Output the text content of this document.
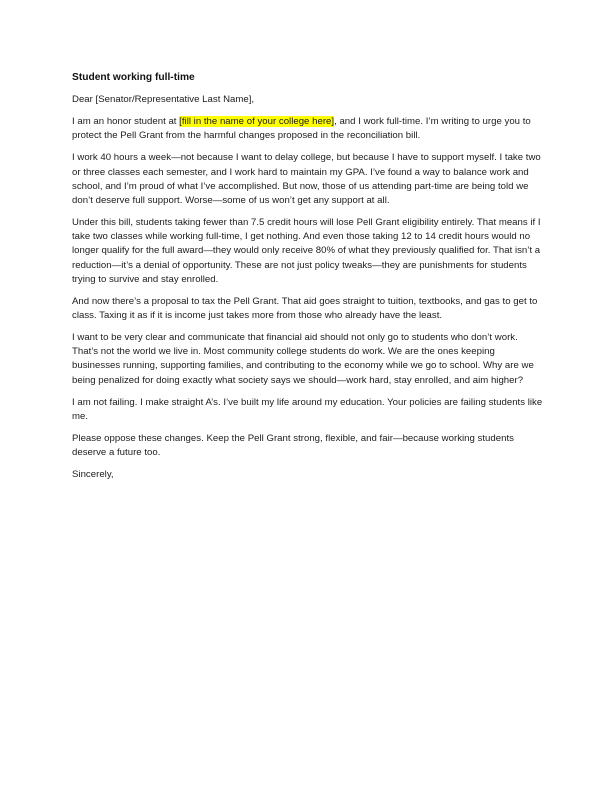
Student working full-time
Dear [Senator/Representative Last Name],
I am an honor student at [fill in the name of your college here], and I work full-time. I’m writing to urge you to protect the Pell Grant from the harmful changes proposed in the reconciliation bill.
I work 40 hours a week—not because I want to delay college, but because I have to support myself. I take two or three classes each semester, and I work hard to maintain my GPA. I’ve found a way to balance work and school, and I’m proud of what I’ve accomplished. But now, those of us attending part-time are being told we don’t deserve full support. Worse—some of us won’t get any support at all.
Under this bill, students taking fewer than 7.5 credit hours will lose Pell Grant eligibility entirely. That means if I take two classes while working full-time, I get nothing. And even those taking 12 to 14 credit hours would no longer qualify for the full award—they would only receive 80% of what they previously qualified for. That isn’t a reduction—it’s a denial of opportunity. These are not just policy tweaks—they are punishments for students trying to survive and stay enrolled.
And now there’s a proposal to tax the Pell Grant. That aid goes straight to tuition, textbooks, and gas to get to class. Taxing it as if it is income just takes more from those who already have the least.
I want to be very clear and communicate that financial aid should not only go to students who don’t work. That’s not the world we live in. Most community college students do work. We are the ones keeping businesses running, supporting families, and contributing to the economy while we go to school. Why are we being penalized for doing exactly what society says we should—work hard, stay enrolled, and aim higher?
I am not failing. I make straight A’s. I’ve built my life around my education. Your policies are failing students like me.
Please oppose these changes. Keep the Pell Grant strong, flexible, and fair—because working students deserve a future too.
Sincerely,
